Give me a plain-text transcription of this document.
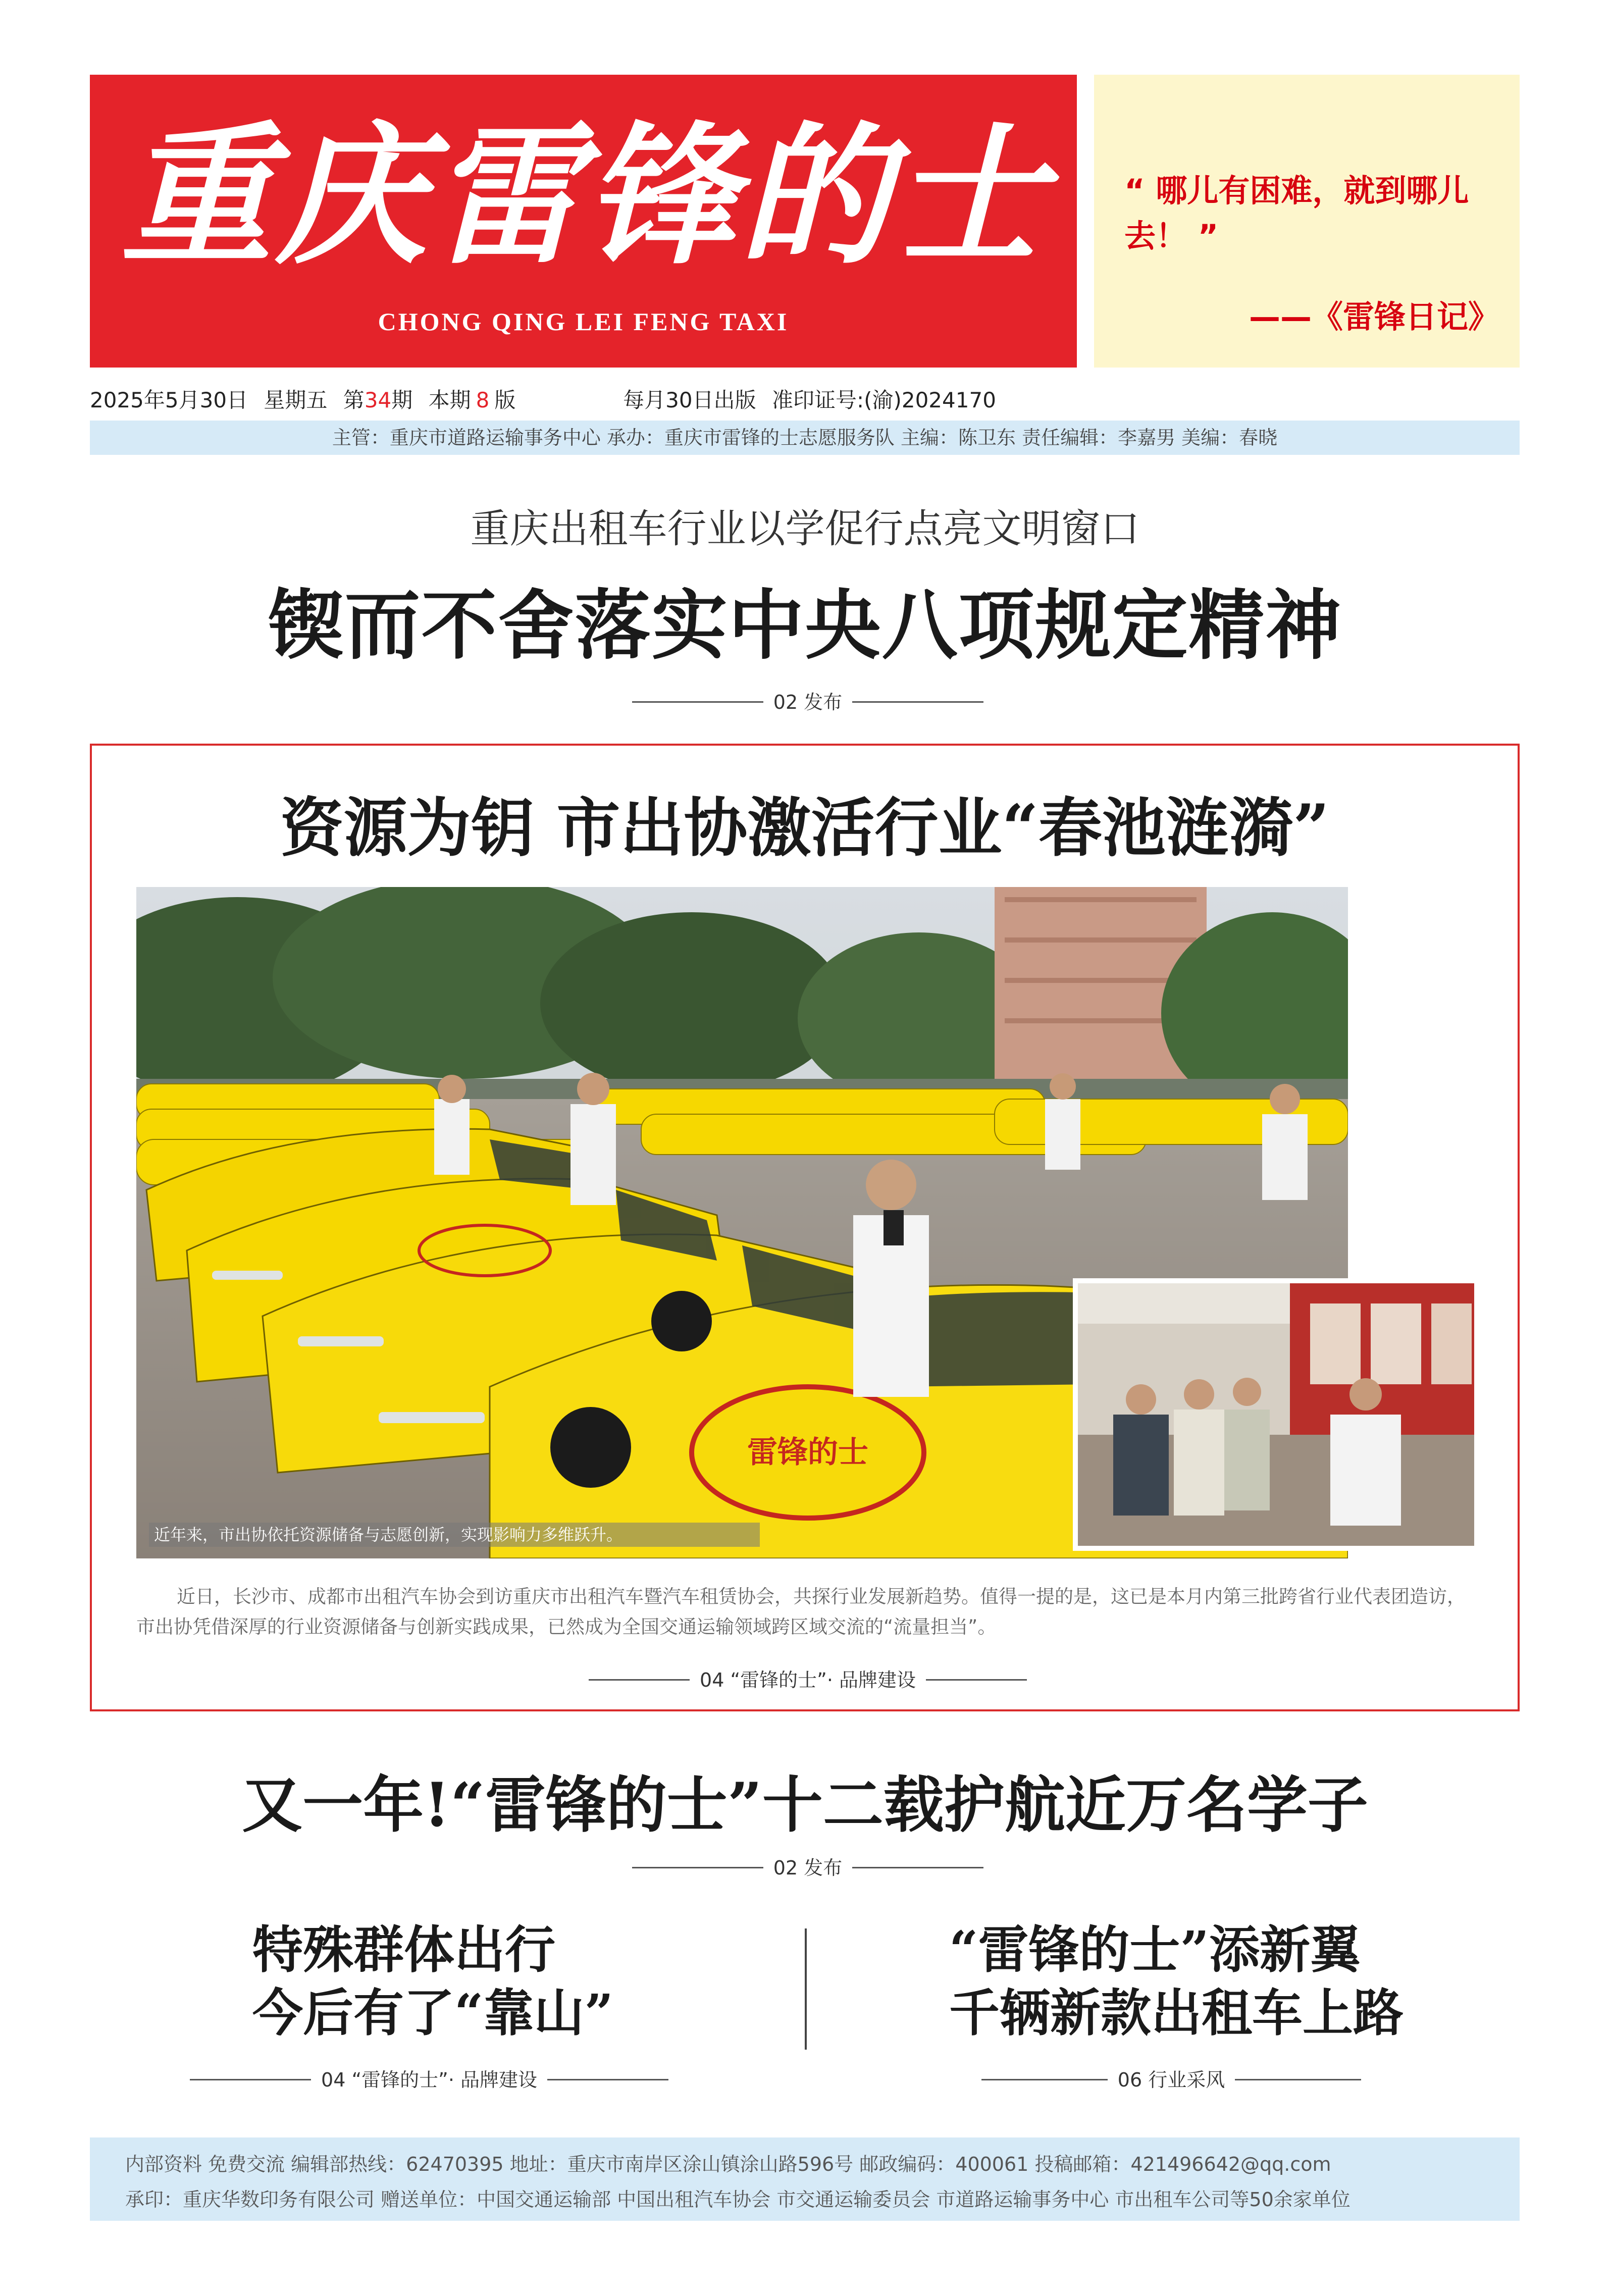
重庆雷锋的士
CHONG QING LEI FENG TAXI
“ 哪儿有困难，就到哪儿去！ ”
——《雷锋日记》
2025年5月30日 星期五 第34期 本期 8 版	每月30日出版 准印证号:(渝)2024170
主管：重庆市道路运输事务中心 承办：重庆市雷锋的士志愿服务队 主编：陈卫东 责任编辑：李嘉男 美编：春晓
重庆出租车行业以学促行点亮文明窗口
锲而不舍落实中央八项规定精神
02 发布
资源为钥 市出协激活行业“春池涟漪”
雷锋的士
近年来，市出协依托资源储备与志愿创新，实现影响力多维跃升。
近日，长沙市、成都市出租汽车协会到访重庆市出租汽车暨汽车租赁协会，共探行业发展新趋势。值得一提的是，这已是本月内第三批跨省行业代表团造访，市出协凭借深厚的行业资源储备与创新实践成果，已然成为全国交通运输领域跨区域交流的“流量担当”。
04 “雷锋的士”· 品牌建设
又一年!“雷锋的士”十二载护航近万名学子
02 发布
特殊群体出行
今后有了“靠山”
“雷锋的士”添新翼
千辆新款出租车上路
04 “雷锋的士”· 品牌建设	06 行业采风
内部资料 免费交流 编辑部热线：62470395 地址：重庆市南岸区涂山镇涂山路596号 邮政编码：400061 投稿邮箱：421496642@qq.com
承印：重庆华数印务有限公司 赠送单位：中国交通运输部 中国出租汽车协会 市交通运输委员会 市道路运输事务中心 市出租车公司等50余家单位
